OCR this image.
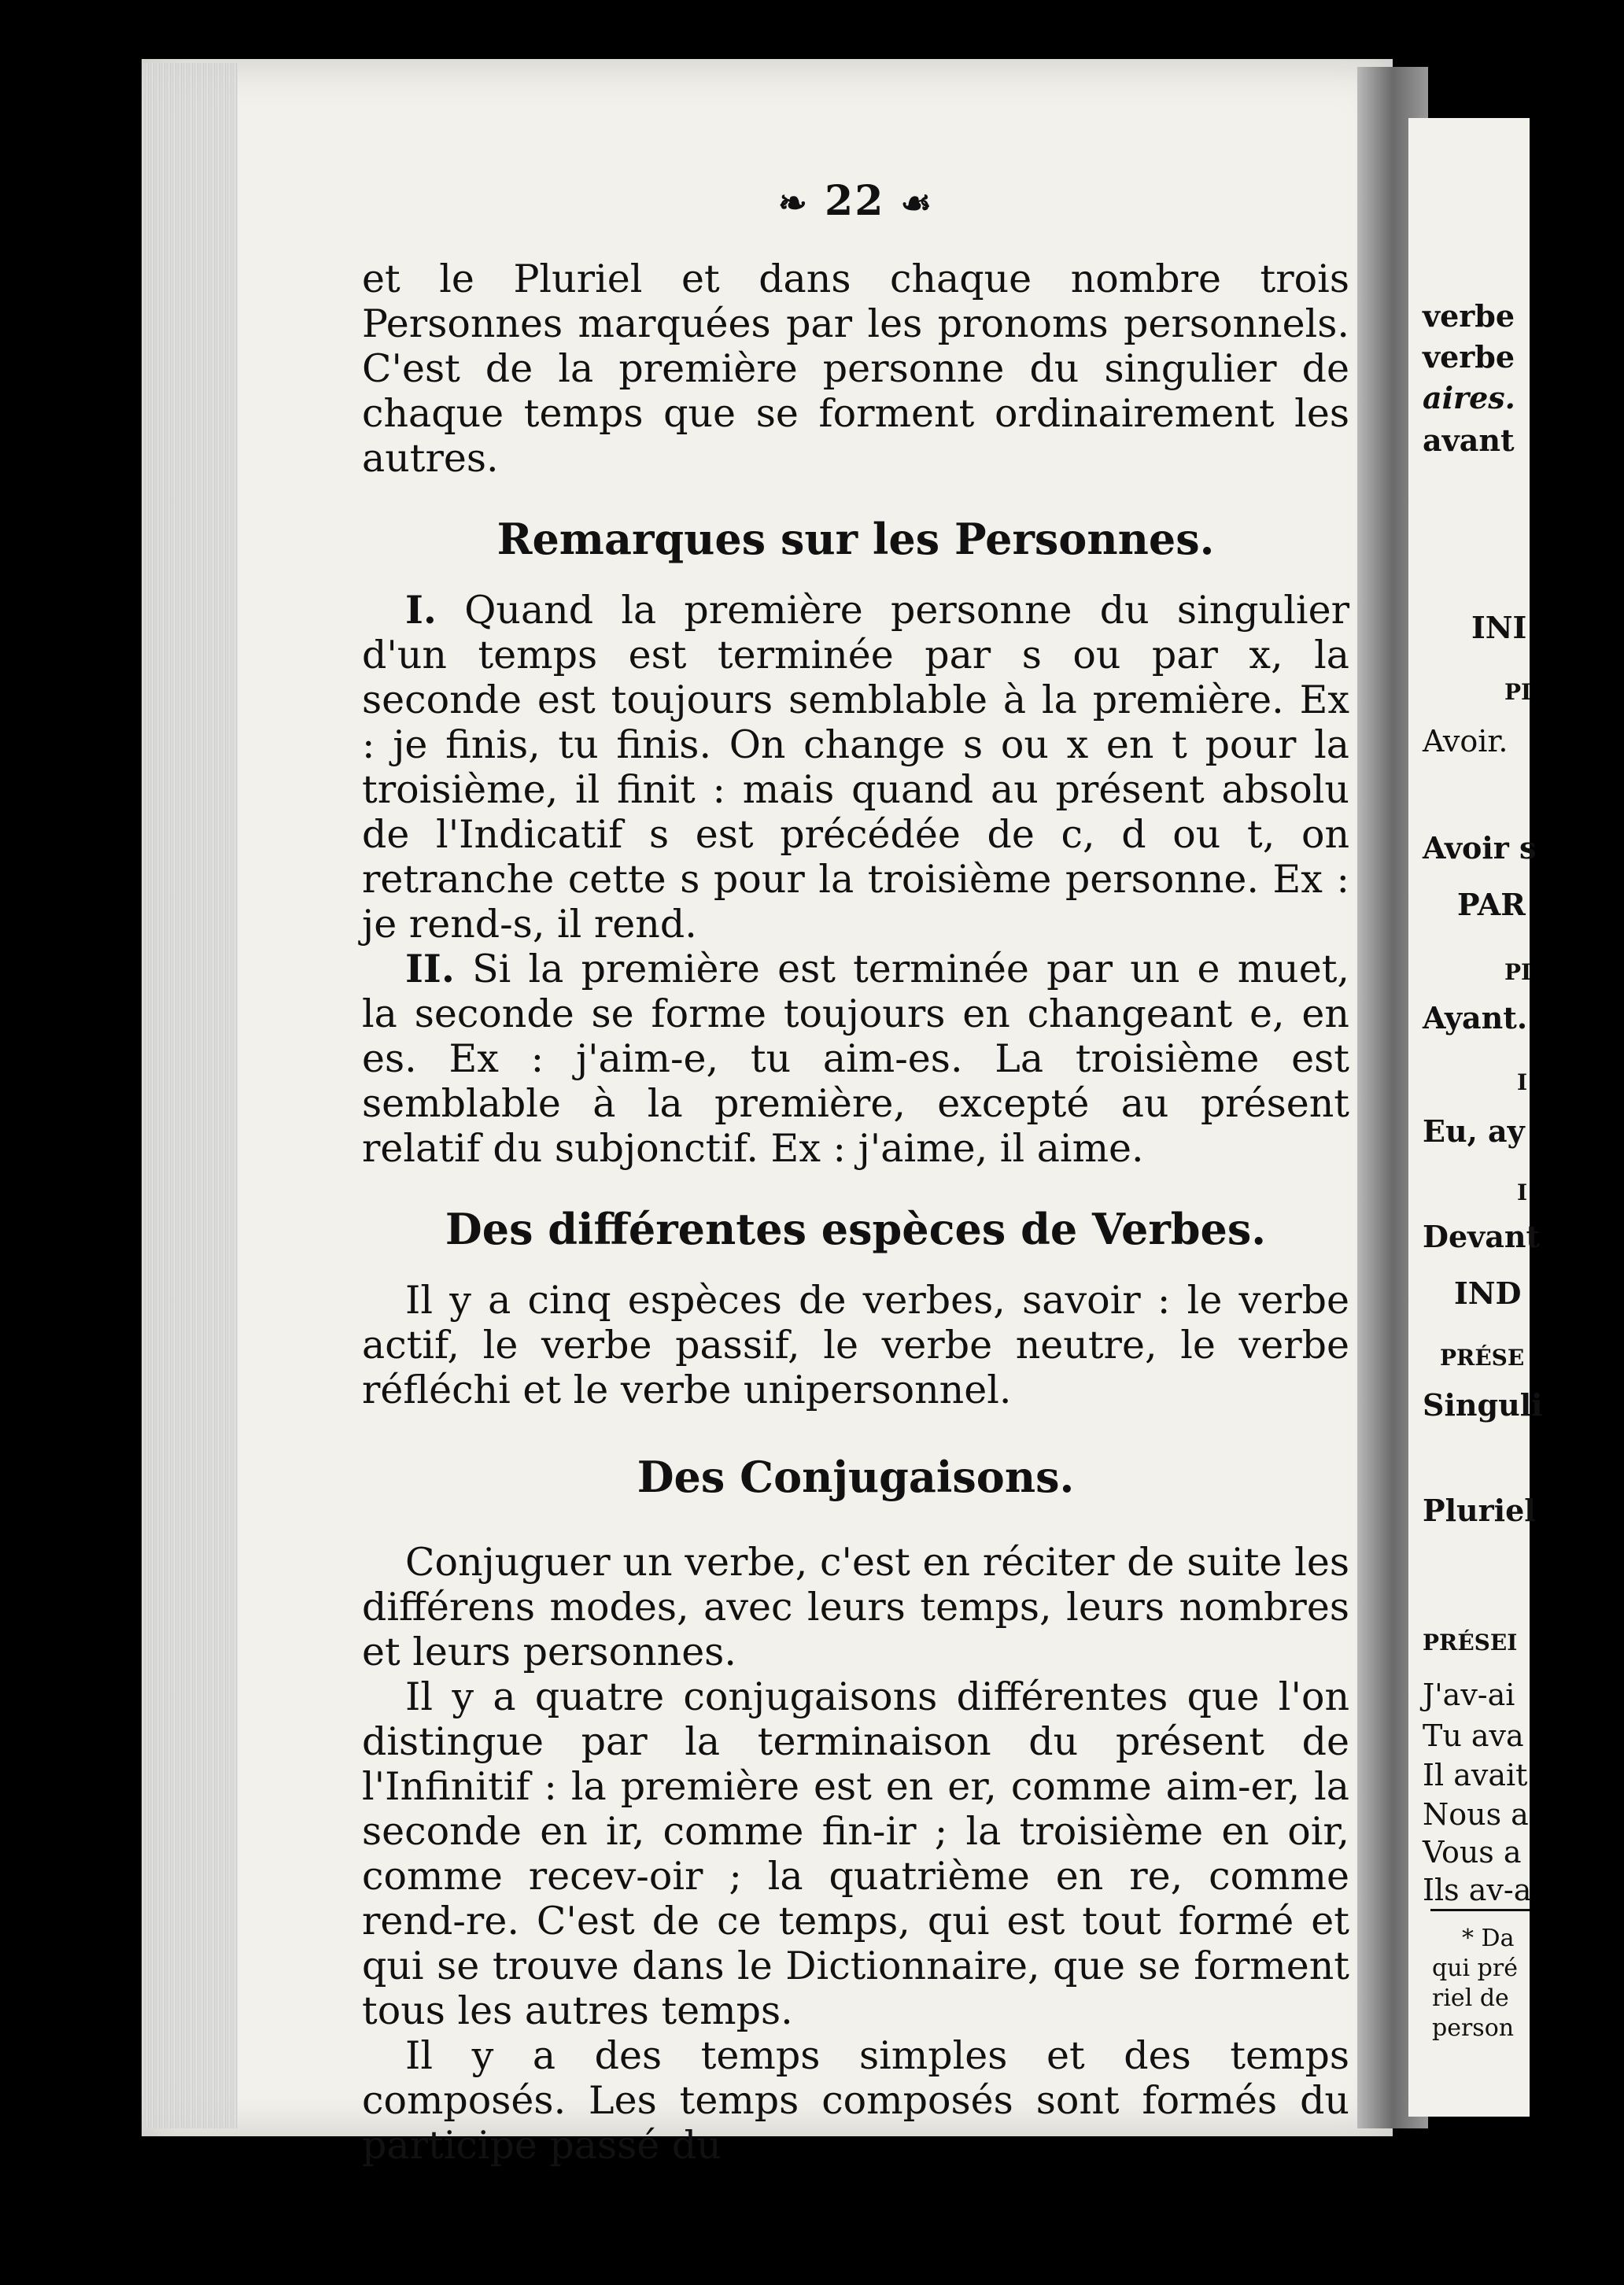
❧ 22 ☙

et le Pluriel et dans chaque nombre trois Personnes marquées par les pronoms personnels. C'est de la première personne du singulier de chaque temps que se forment ordinairement les autres.

Remarques sur les Personnes.

I. Quand la première personne du singulier d'un temps est terminée par s ou par x, la seconde est toujours semblable à la première. Ex : je finis, tu finis. On change s ou x en t pour la troisième, il finit : mais quand au présent absolu de l'Indicatif s est précédée de c, d ou t, on retranche cette s pour la troisième personne. Ex : je rend-s, il rend.

II. Si la première est terminée par un e muet, la seconde se forme toujours en changeant e, en es. Ex : j'aim-e, tu aim-es. La troisième est semblable à la première, excepté au présent relatif du subjonctif. Ex : j'aime, il aime.

Des différentes espèces de Verbes.

Il y a cinq espèces de verbes, savoir : le verbe actif, le verbe passif, le verbe neutre, le verbe réfléchi et le verbe unipersonnel.

Des Conjugaisons.

Conjuguer un verbe, c'est en réciter de suite les différens modes, avec leurs temps, leurs nombres et leurs personnes.

Il y a quatre conjugaisons différentes que l'on distingue par la terminaison du présent de l'Infinitif : la première est en er, comme aim-er, la seconde en ir, comme fin-ir ; la troisième en oir, comme recev-oir ; la quatrième en re, comme rend-re. C'est de ce temps, qui est tout formé et qui se trouve dans le Dictionnaire, que se forment tous les autres temps.

Il y a des temps simples et des temps composés. Les temps composés sont formés du participe passé du

verbe
verbe
aires.
avant
INI
PI
Avoir.
Avoir s
PAR
PI
Ayant.
I
Eu, ay
I
Devant
IND
PRÉSE
Singuli
Pluriel
PRÉSEI
J'av-ai
Tu ava
Il avait
Nous a
Vous a
Ils av-a
* Da
qui pré
riel de
person
